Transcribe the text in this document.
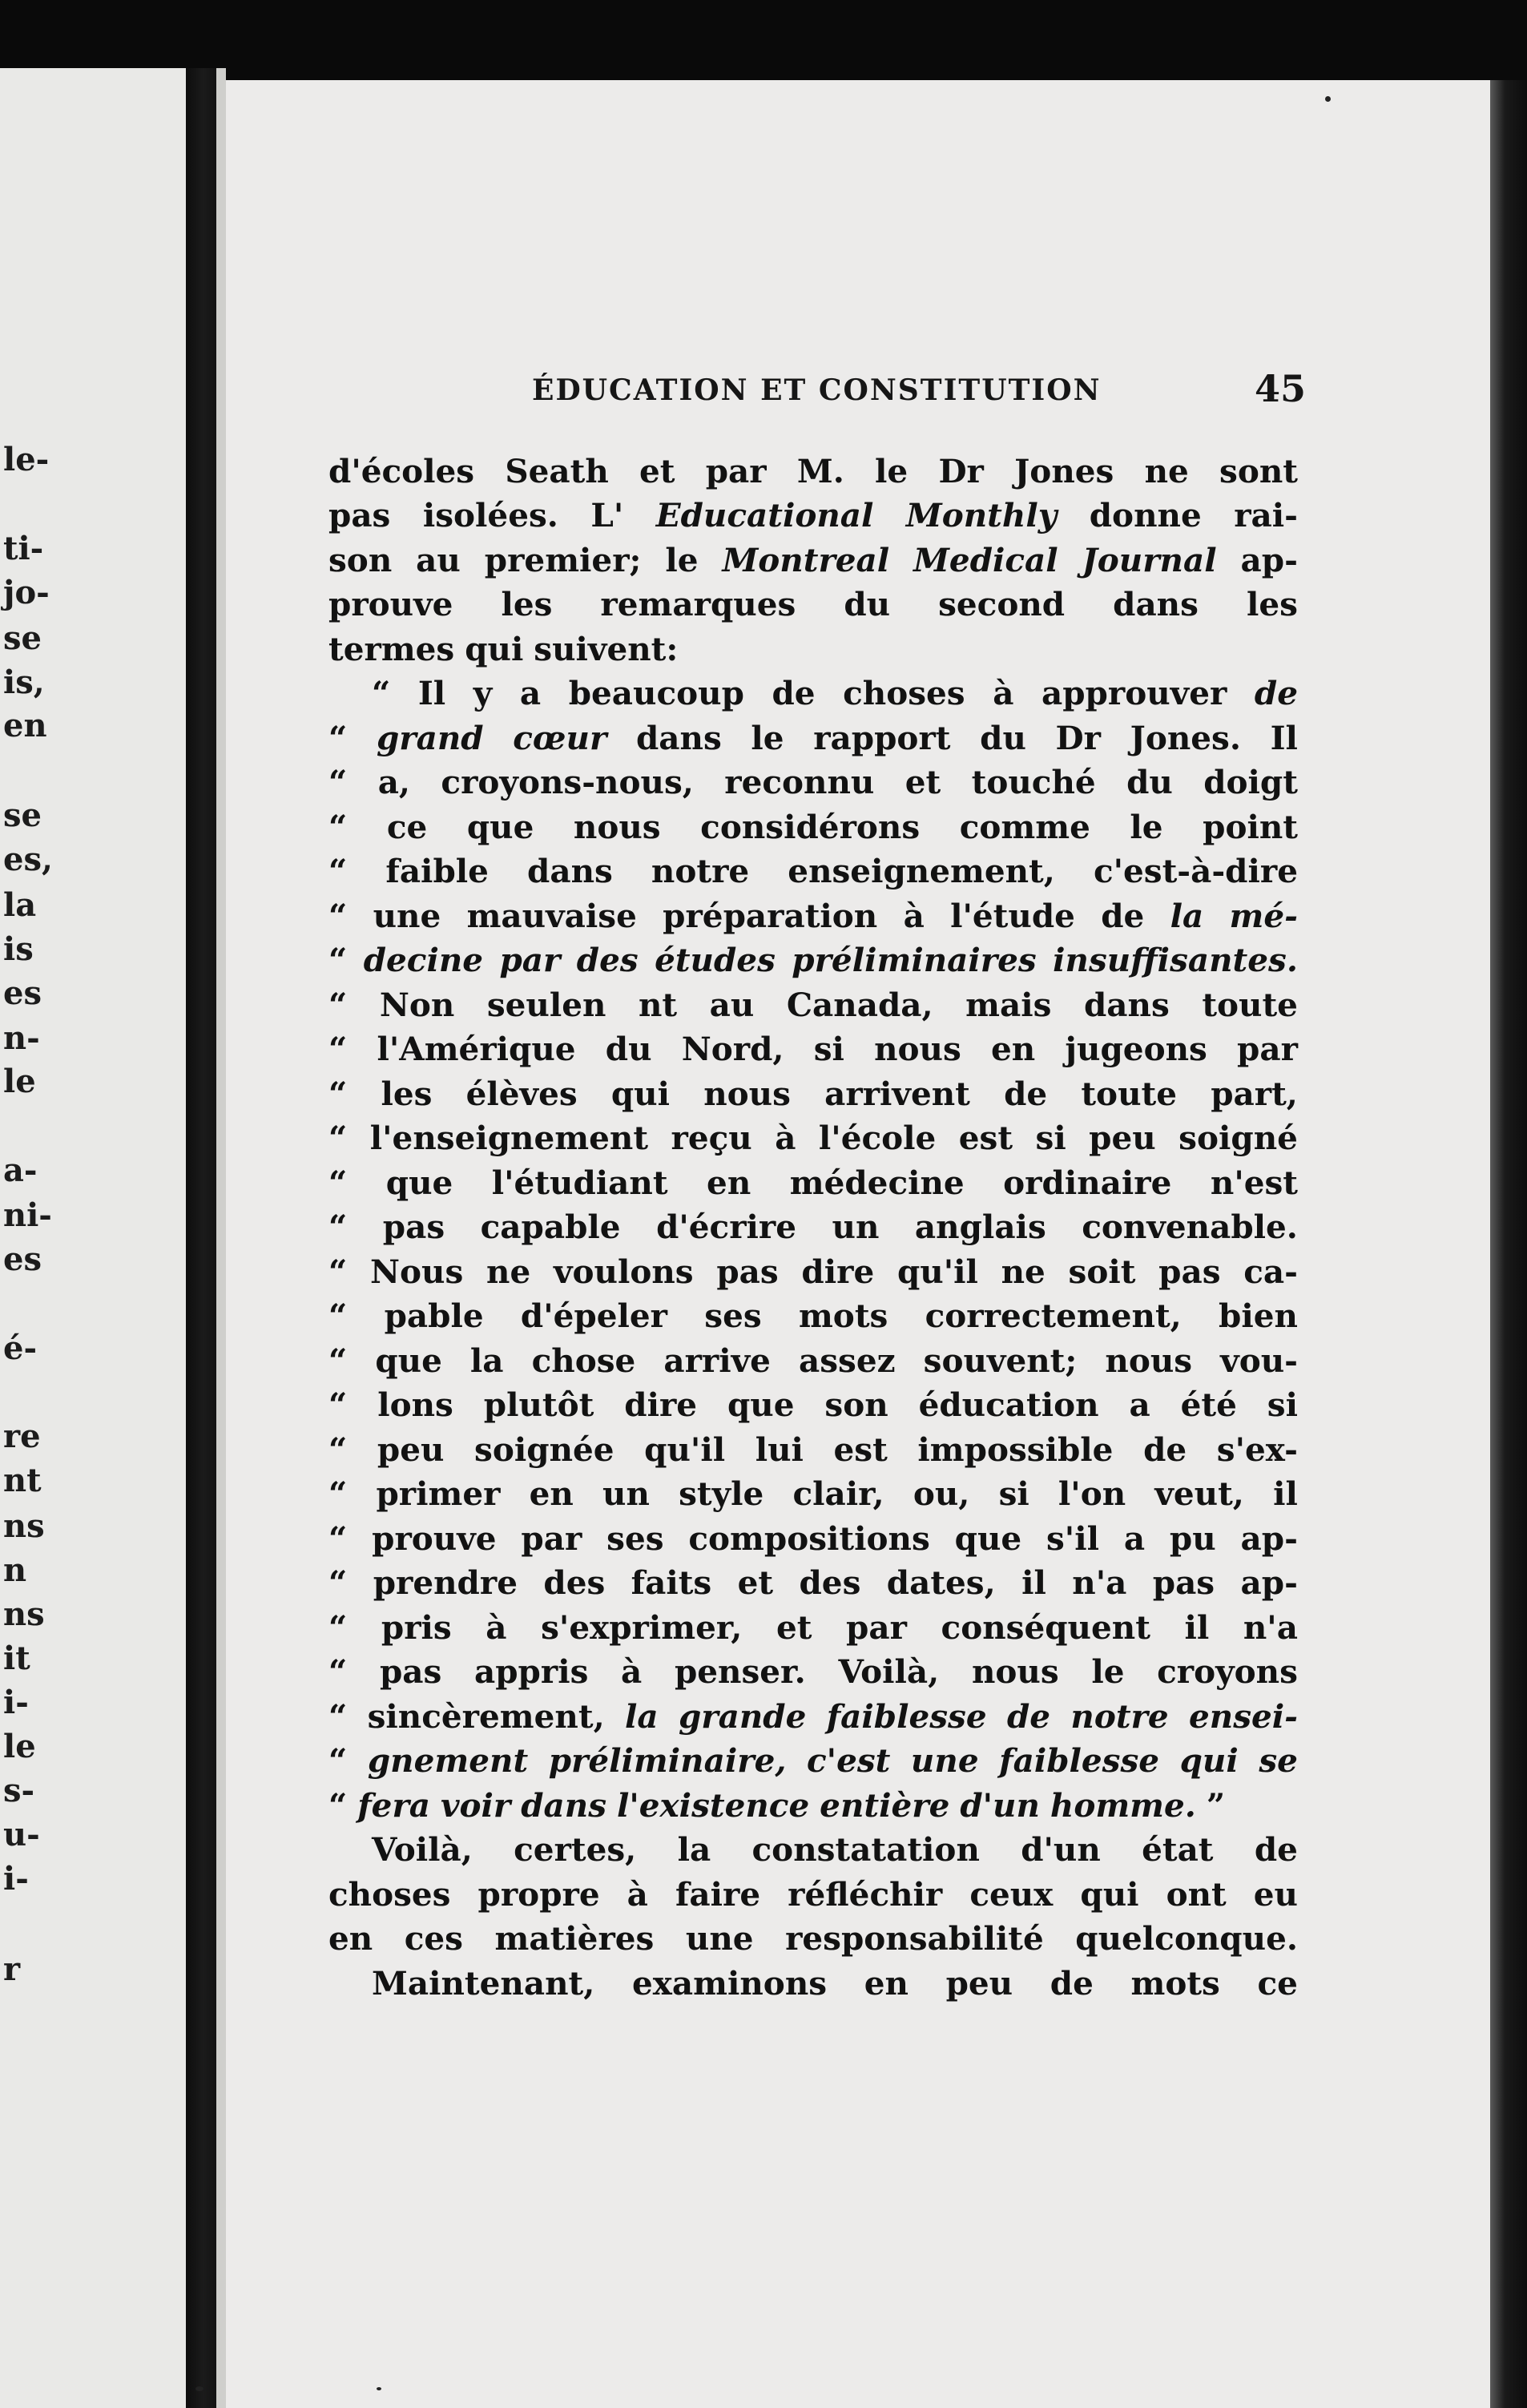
le-
ti-
jo-
se
is,
en
se
es,
la
is
es
n-
le
a-
ni-
es
é-
re
nt
ns
n
ns
it
i-
le
s-
u-
i-
r
ÉDUCATION ET CONSTITUTION	45
d'écoles Seath et par M. le Dr Jones ne sont
pas isolées. L' Educational Monthly donne rai-
son au premier; le Montreal Medical Journal ap-
prouve les remarques du second dans les
termes qui suivent:
“ Il y a beaucoup de choses à approuver de
“ grand cœur dans le rapport du Dr Jones. Il
“ a, croyons-nous, reconnu et touché du doigt
“ ce que nous considérons comme le point
“ faible dans notre enseignement, c'est-à-dire
“ une mauvaise préparation à l'étude de la mé-
“ decine par des études préliminaires insuffisantes.
“ Non seulen nt au Canada, mais dans toute
“ l'Amérique du Nord, si nous en jugeons par
“ les élèves qui nous arrivent de toute part,
“ l'enseignement reçu à l'école est si peu soigné
“ que l'étudiant en médecine ordinaire n'est
“ pas capable d'écrire un anglais convenable.
“ Nous ne voulons pas dire qu'il ne soit pas ca-
“ pable d'épeler ses mots correctement, bien
“ que la chose arrive assez souvent; nous vou-
“ lons plutôt dire que son éducation a été si
“ peu soignée qu'il lui est impossible de s'ex-
“ primer en un style clair, ou, si l'on veut, il
“ prouve par ses compositions que s'il a pu ap-
“ prendre des faits et des dates, il n'a pas ap-
“ pris à s'exprimer, et par conséquent il n'a
“ pas appris à penser. Voilà, nous le croyons
“ sincèrement, la grande faiblesse de notre ensei-
“ gnement préliminaire, c'est une faiblesse qui se
“ fera voir dans l'existence entière d'un homme. ”
Voilà, certes, la constatation d'un état de
choses propre à faire réfléchir ceux qui ont eu
en ces matières une responsabilité quelconque.
Maintenant, examinons en peu de mots ce
